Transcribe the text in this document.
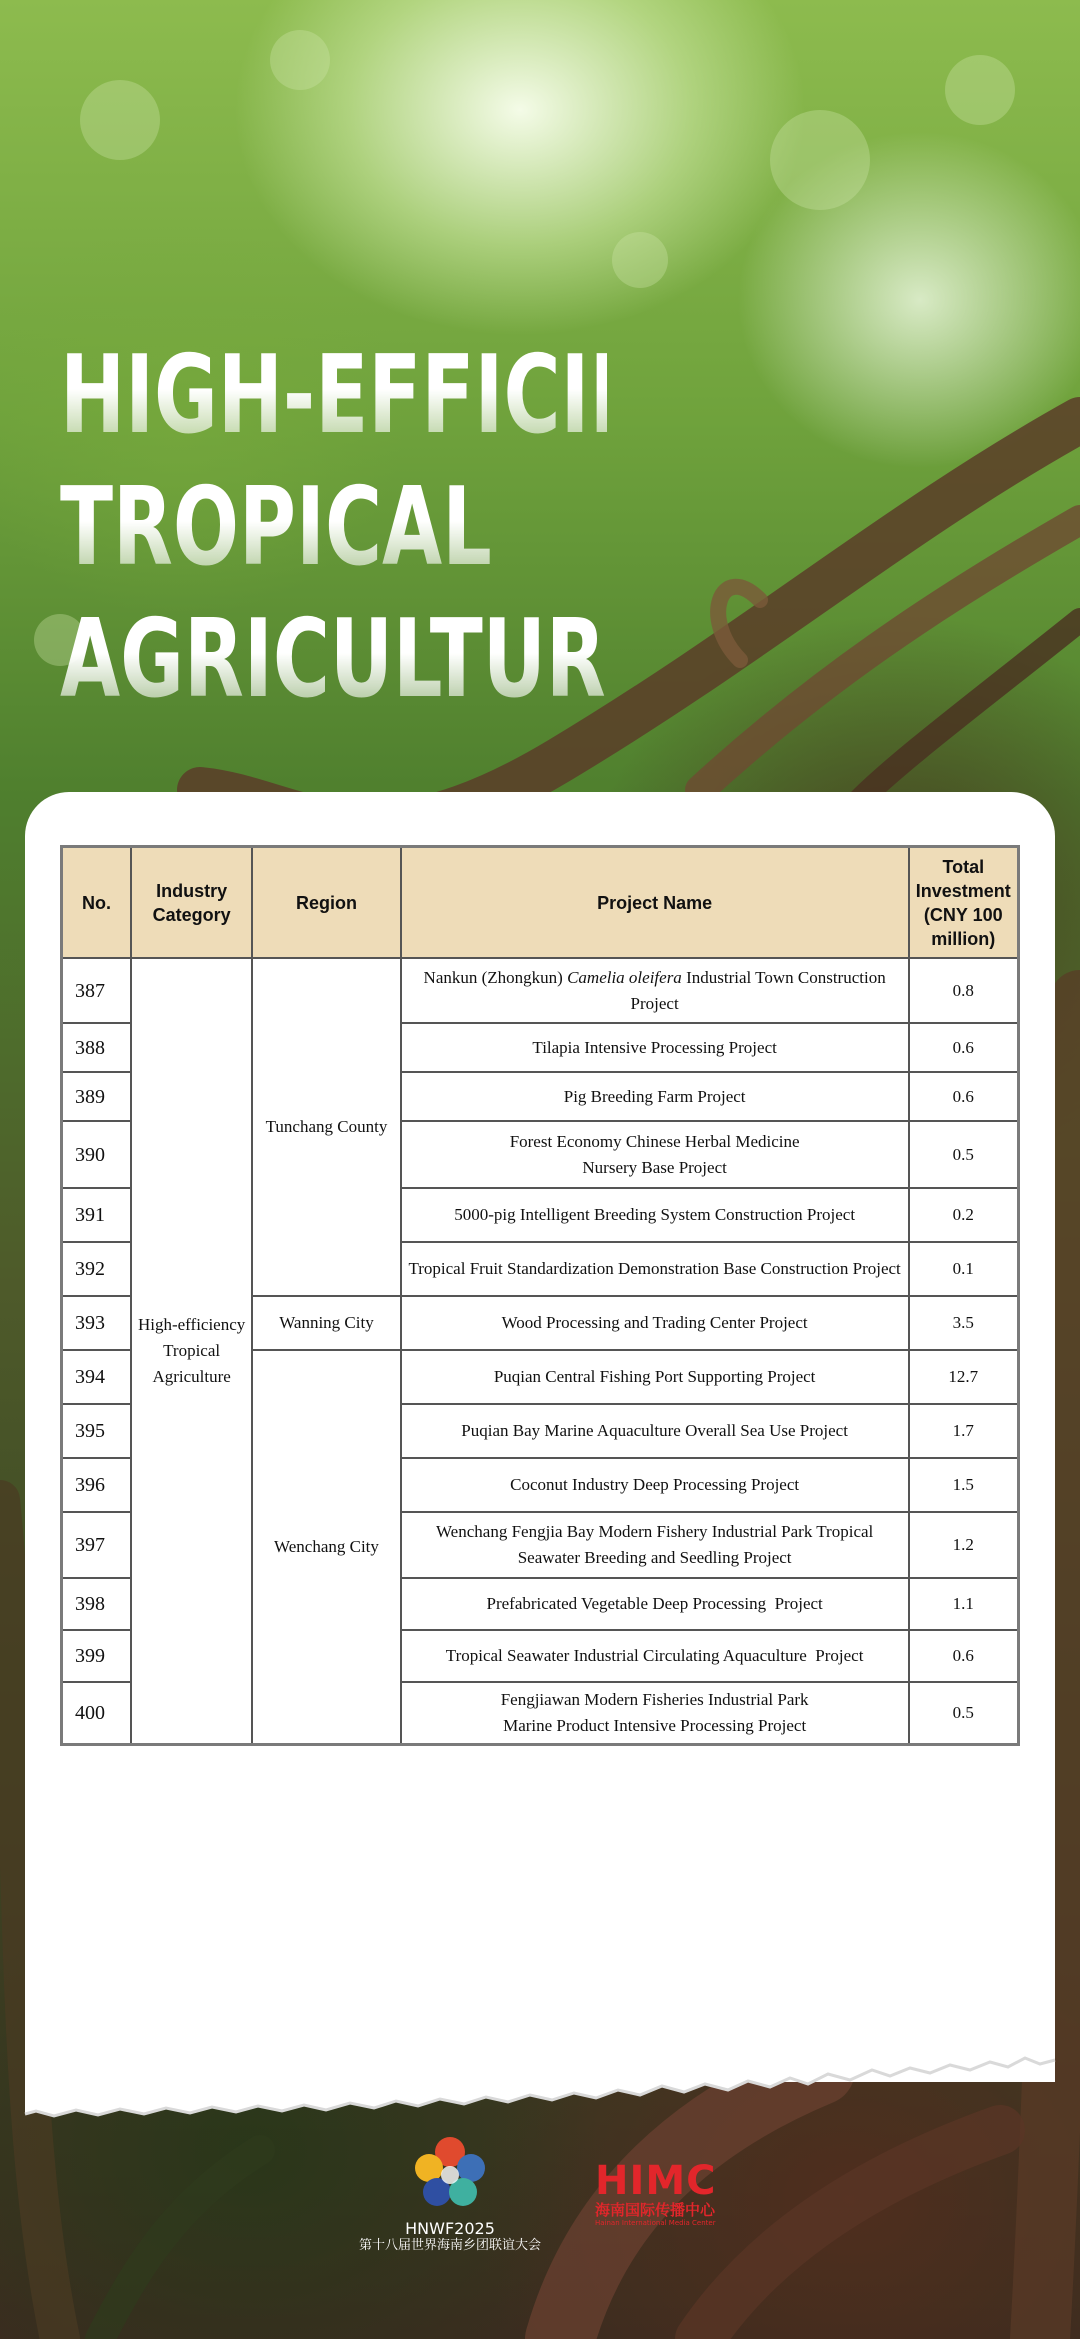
HIGH-EFFICIENCY
TROPICAL
AGRICULTURE
No.	Industry Category	Region	Project Name	Total Investment (CNY 100 million)
387	High-efficiency Tropical Agriculture	Tunchang County	Nankun (Zhongkun) Camelia oleifera Industrial Town Construction Project	0.8
388			Tilapia Intensive Processing Project	0.6
389			Pig Breeding Farm Project	0.6
390			Forest Economy Chinese Herbal Medicine Nursery Base Project	0.5
391			5000-pig Intelligent Breeding System Construction Project	0.2
392			Tropical Fruit Standardization Demonstration Base Construction Project	0.1
393		Wanning City	Wood Processing and Trading Center Project	3.5
394		Wenchang City	Puqian Central Fishing Port Supporting Project	12.7
395			Puqian Bay Marine Aquaculture Overall Sea Use Project	1.7
396			Coconut Industry Deep Processing Project	1.5
397			Wenchang Fengjia Bay Modern Fishery Industrial Park Tropical Seawater Breeding and Seedling Project	1.2
398			Prefabricated Vegetable Deep Processing  Project	1.1
399			Tropical Seawater Industrial Circulating Aquaculture  Project	0.6
400			Fengjiawan Modern Fisheries Industrial Park Marine Product Intensive Processing Project	0.5
HNWF2025
第十八届世界海南乡团联谊大会
HIMC
海南国际传播中心
Hainan International Media Center
